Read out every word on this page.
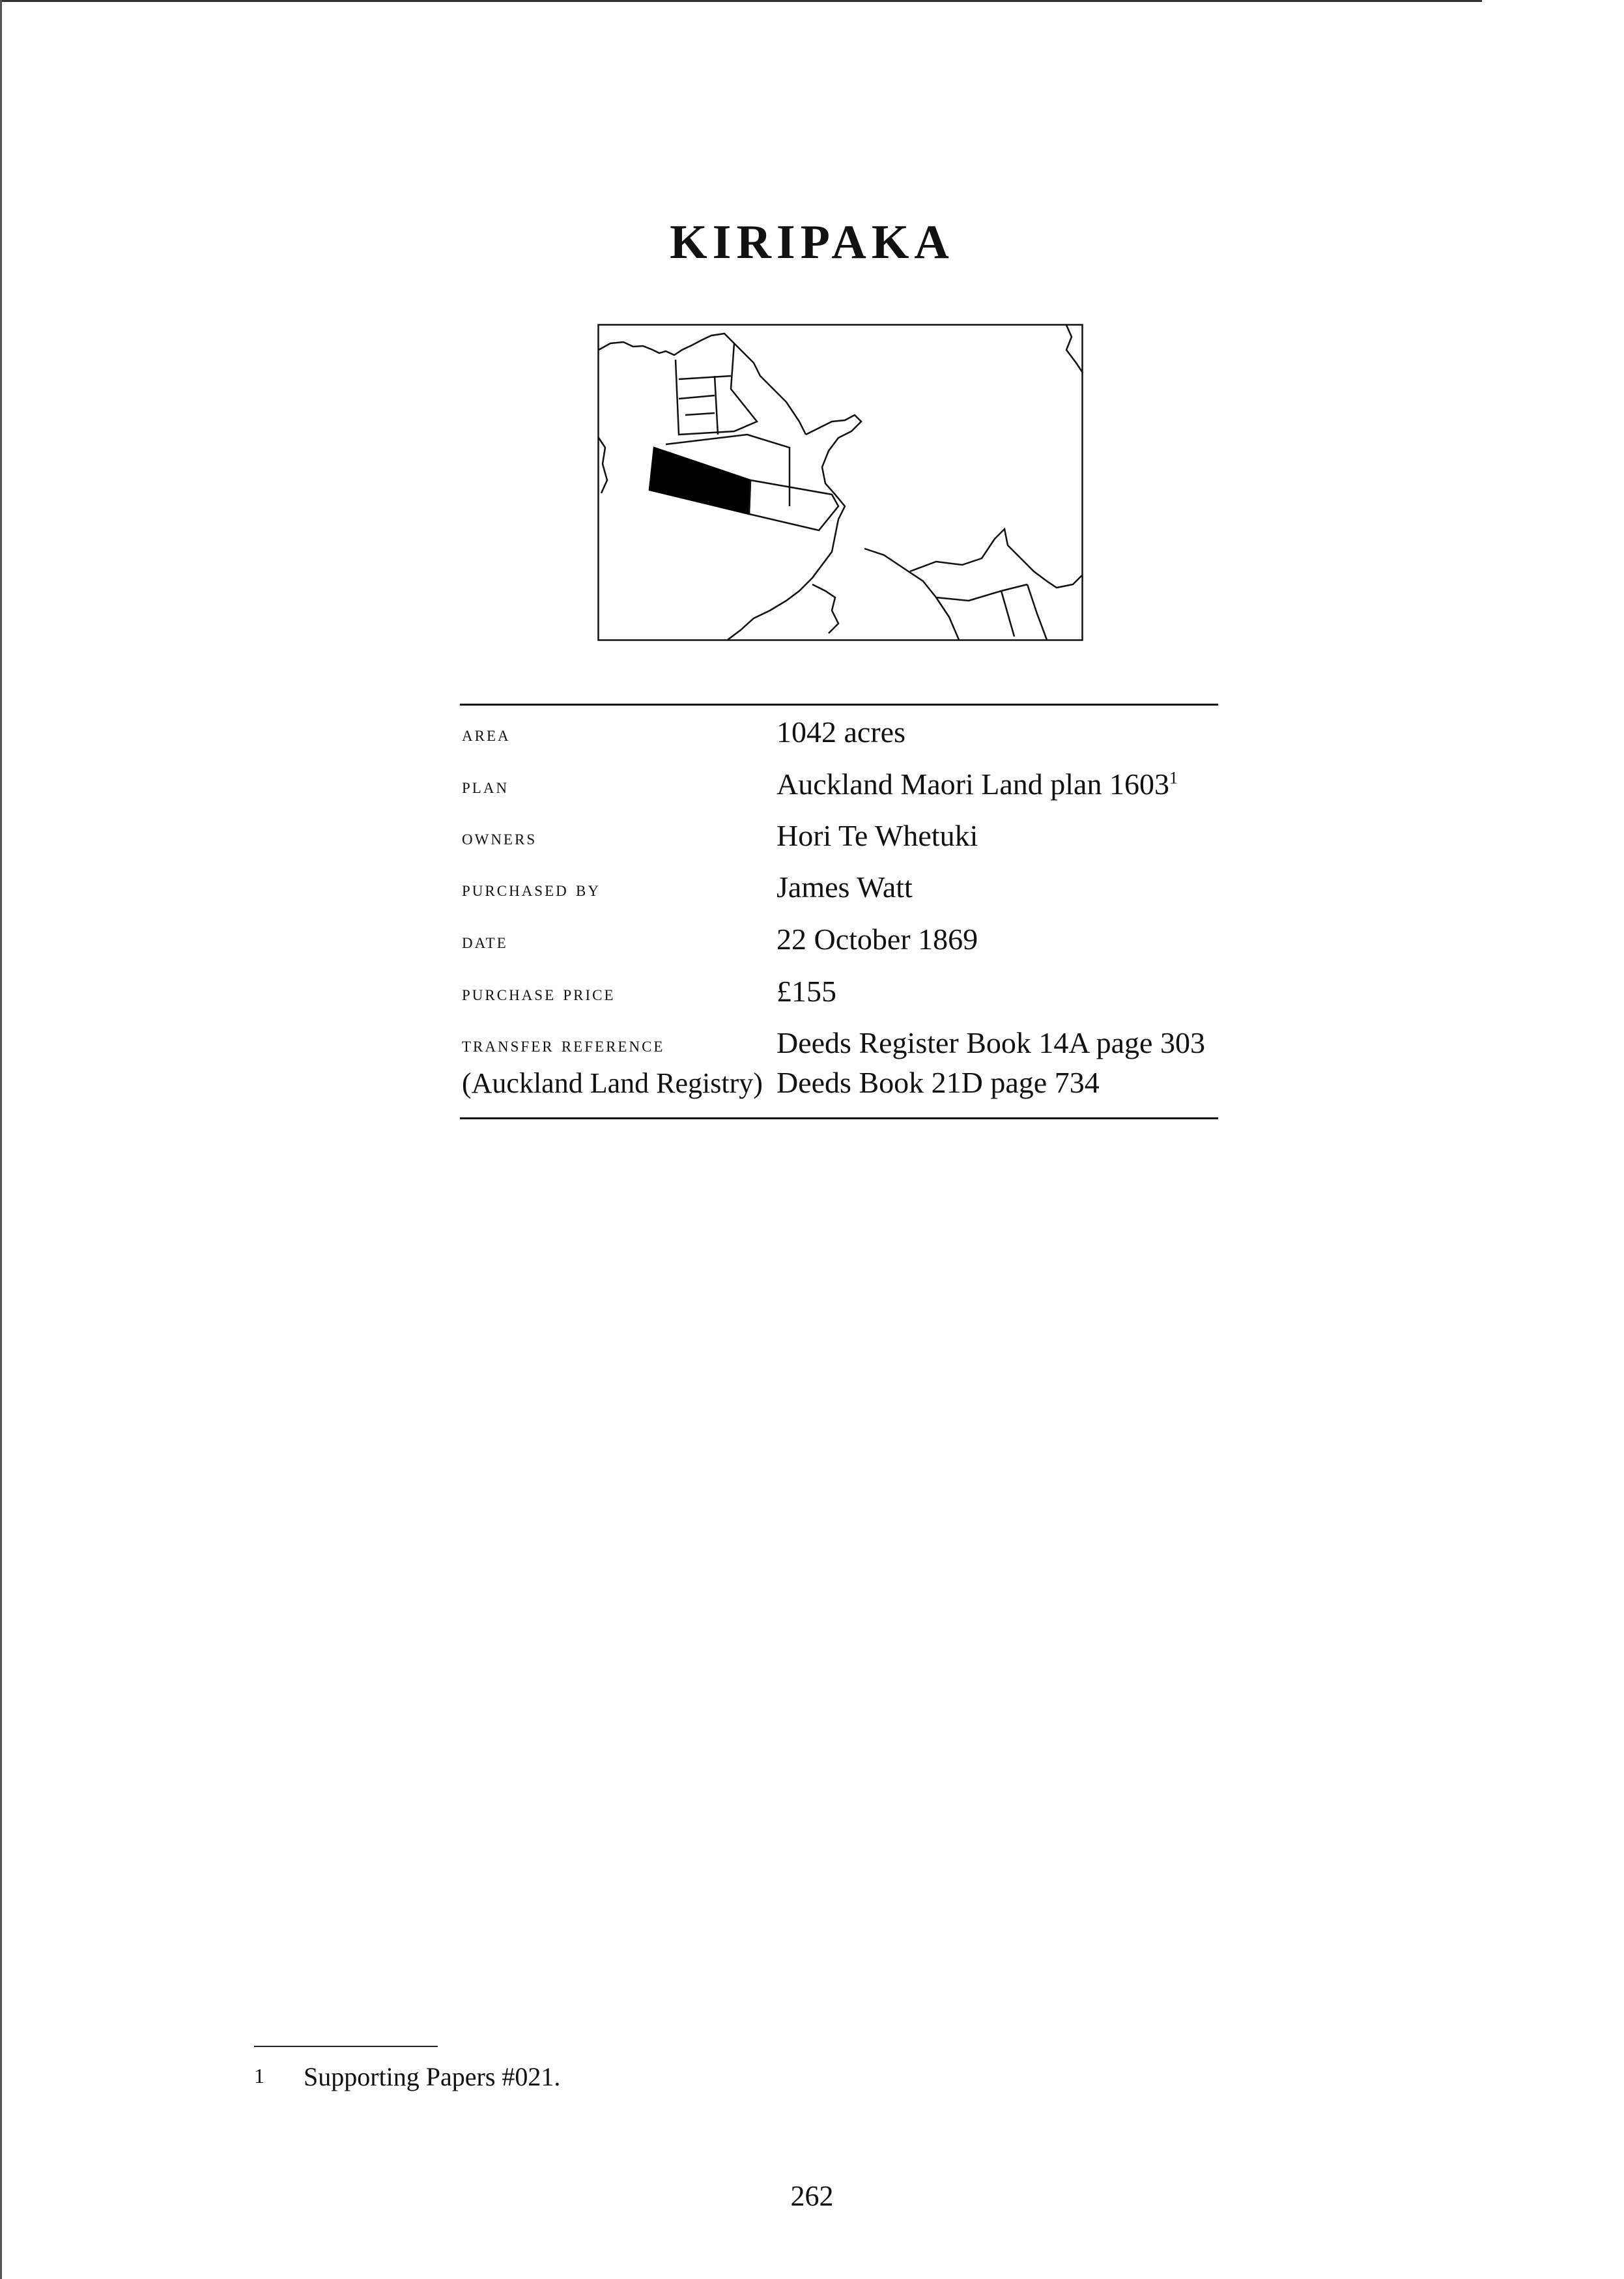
KIRIPAKA
area	1042 acres
plan	Auckland Maori Land plan 1603$^1$
owners	Hori Te Whetuki
purchased by	James Watt
date	22 October 1869
purchase price	£155
transfer reference	Deeds Register Book 14A page 303
(Auckland Land Registry) Deeds Book 21D page 734
1 Supporting Papers #021.
262
